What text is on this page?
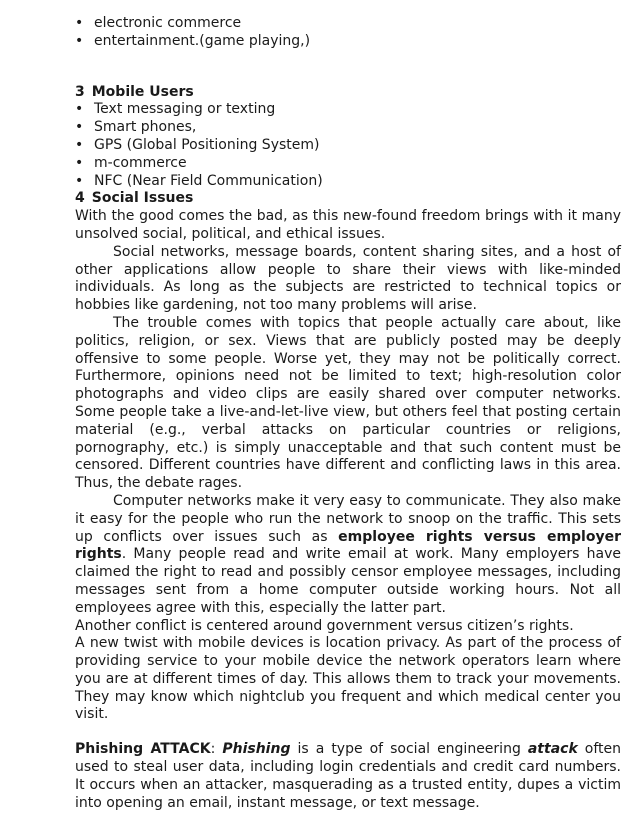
• electronic commerce
• entertainment.(game playing,)
3 Mobile Users
• Text messaging or texting
• Smart phones,
• GPS (Global Positioning System)
• m-commerce
• NFC (Near Field Communication)
4 Social Issues

With the good comes the bad, as this new-found freedom brings with it many unsolved social, political, and ethical issues.

Social networks, message boards, content sharing sites, and a host of other applications allow people to share their views with like-minded individuals. As long as the subjects are restricted to technical topics or hobbies like gardening, not too many problems will arise.

The trouble comes with topics that people actually care about, like politics, religion, or sex. Views that are publicly posted may be deeply offensive to some people. Worse yet, they may not be politically correct. Furthermore, opinions need not be limited to text; high-resolution color photographs and video clips are easily shared over computer networks. Some people take a live-and-let-live view, but others feel that posting certain material (e.g., verbal attacks on particular countries or religions, pornography, etc.) is simply unacceptable and that such content must be censored. Different countries have different and conflicting laws in this area. Thus, the debate rages.

Computer networks make it very easy to communicate. They also make it easy for the people who run the network to snoop on the traffic. This sets up conflicts over issues such as employee rights versus employer rights. Many people read and write email at work. Many employers have claimed the right to read and possibly censor employee messages, including messages sent from a home computer outside working hours. Not all employees agree with this, especially the latter part.

Another conflict is centered around government versus citizen’s rights.

A new twist with mobile devices is location privacy. As part of the process of providing service to your mobile device the network operators learn where you are at different times of day. This allows them to track your movements. They may know which nightclub you frequent and which medical center you visit.

Phishing ATTACK: Phishing is a type of social engineering attack often used to steal user data, including login credentials and credit card numbers. It occurs when an attacker, masquerading as a trusted entity, dupes a victim into opening an email, instant message, or text message.
